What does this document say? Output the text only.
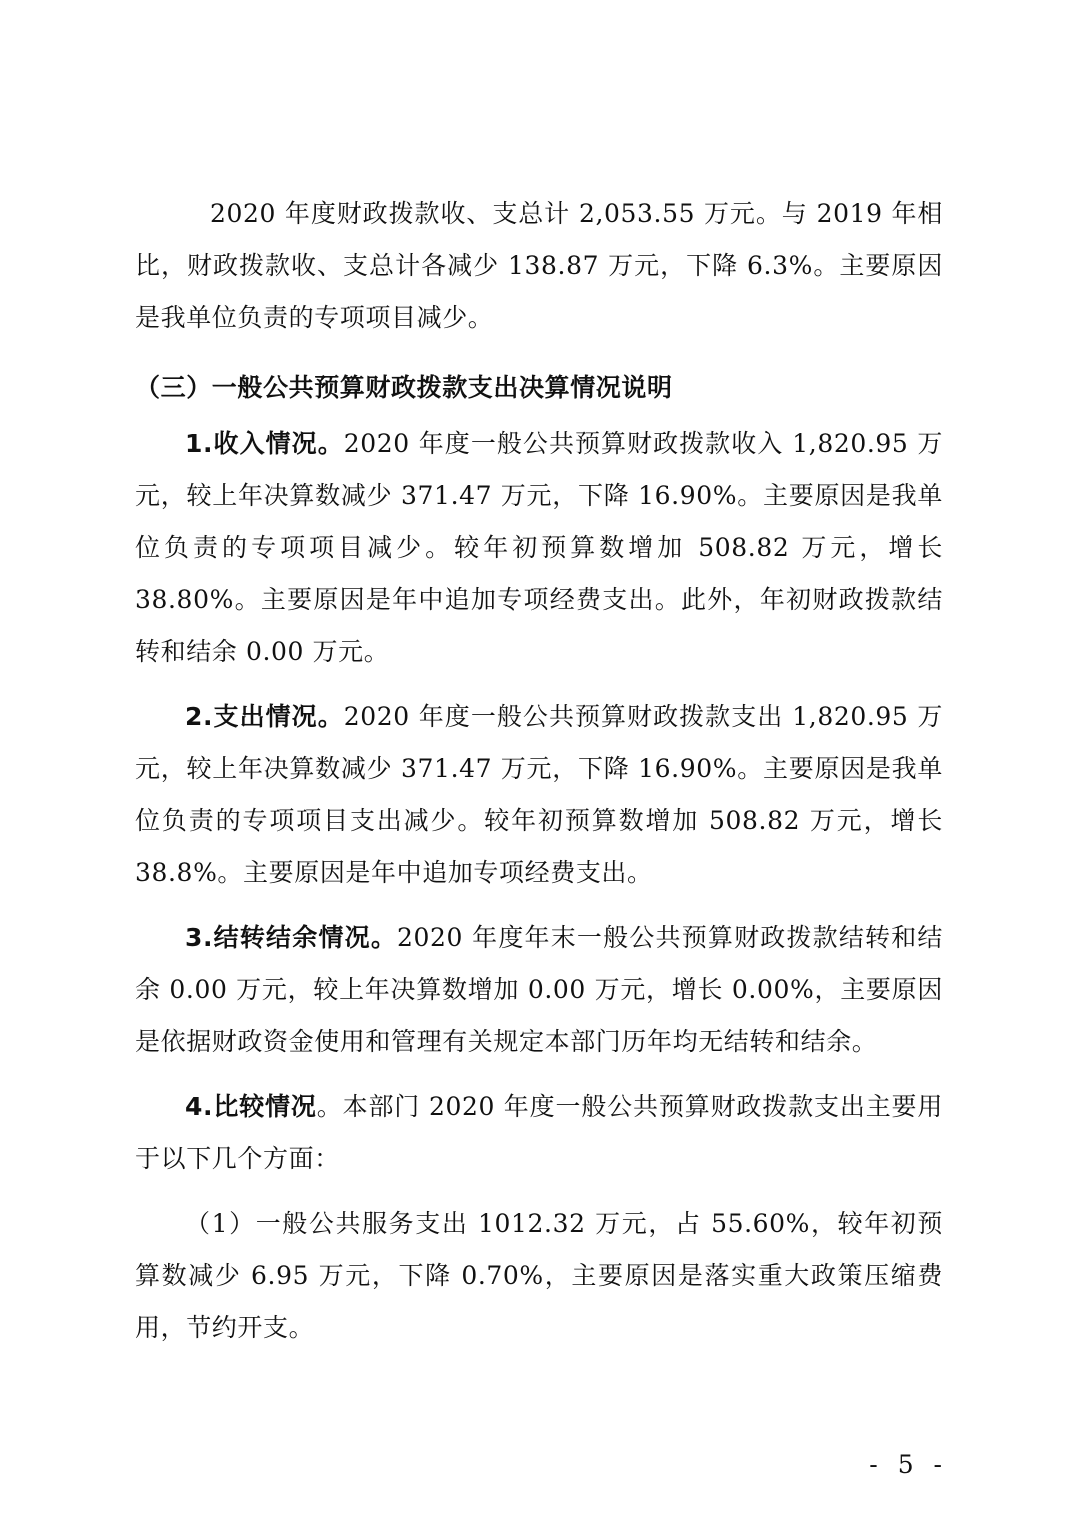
2020 年度财政拨款收、支总计 2,053.55 万元。与 2019 年相比，财政拨款收、支总计各减少 138.87 万元，下降 6.3%。主要原因是我单位负责的专项项目减少。

（三）一般公共预算财政拨款支出决算情况说明

1.收入情况。2020 年度一般公共预算财政拨款收入 1,820.95 万元，较上年决算数减少 371.47 万元，下降 16.90%。主要原因是我单位负责的专项项目减少。较年初预算数增加 508.82 万元，增长 38.80%。主要原因是年中追加专项经费支出。此外，年初财政拨款结转和结余 0.00 万元。

2.支出情况。2020 年度一般公共预算财政拨款支出 1,820.95 万元，较上年决算数减少 371.47 万元，下降 16.90%。主要原因是我单位负责的专项项目支出减少。较年初预算数增加 508.82 万元，增长 38.8%。主要原因是年中追加专项经费支出。

3.结转结余情况。2020 年度年末一般公共预算财政拨款结转和结余 0.00 万元，较上年决算数增加 0.00 万元，增长 0.00%，主要原因是依据财政资金使用和管理有关规定本部门历年均无结转和结余。

4.比较情况。本部门 2020 年度一般公共预算财政拨款支出主要用于以下几个方面：

（1）一般公共服务支出 1012.32 万元，占 55.60%，较年初预算数减少 6.95 万元，下降 0.70%，主要原因是落实重大政策压缩费用，节约开支。

- 5 -
